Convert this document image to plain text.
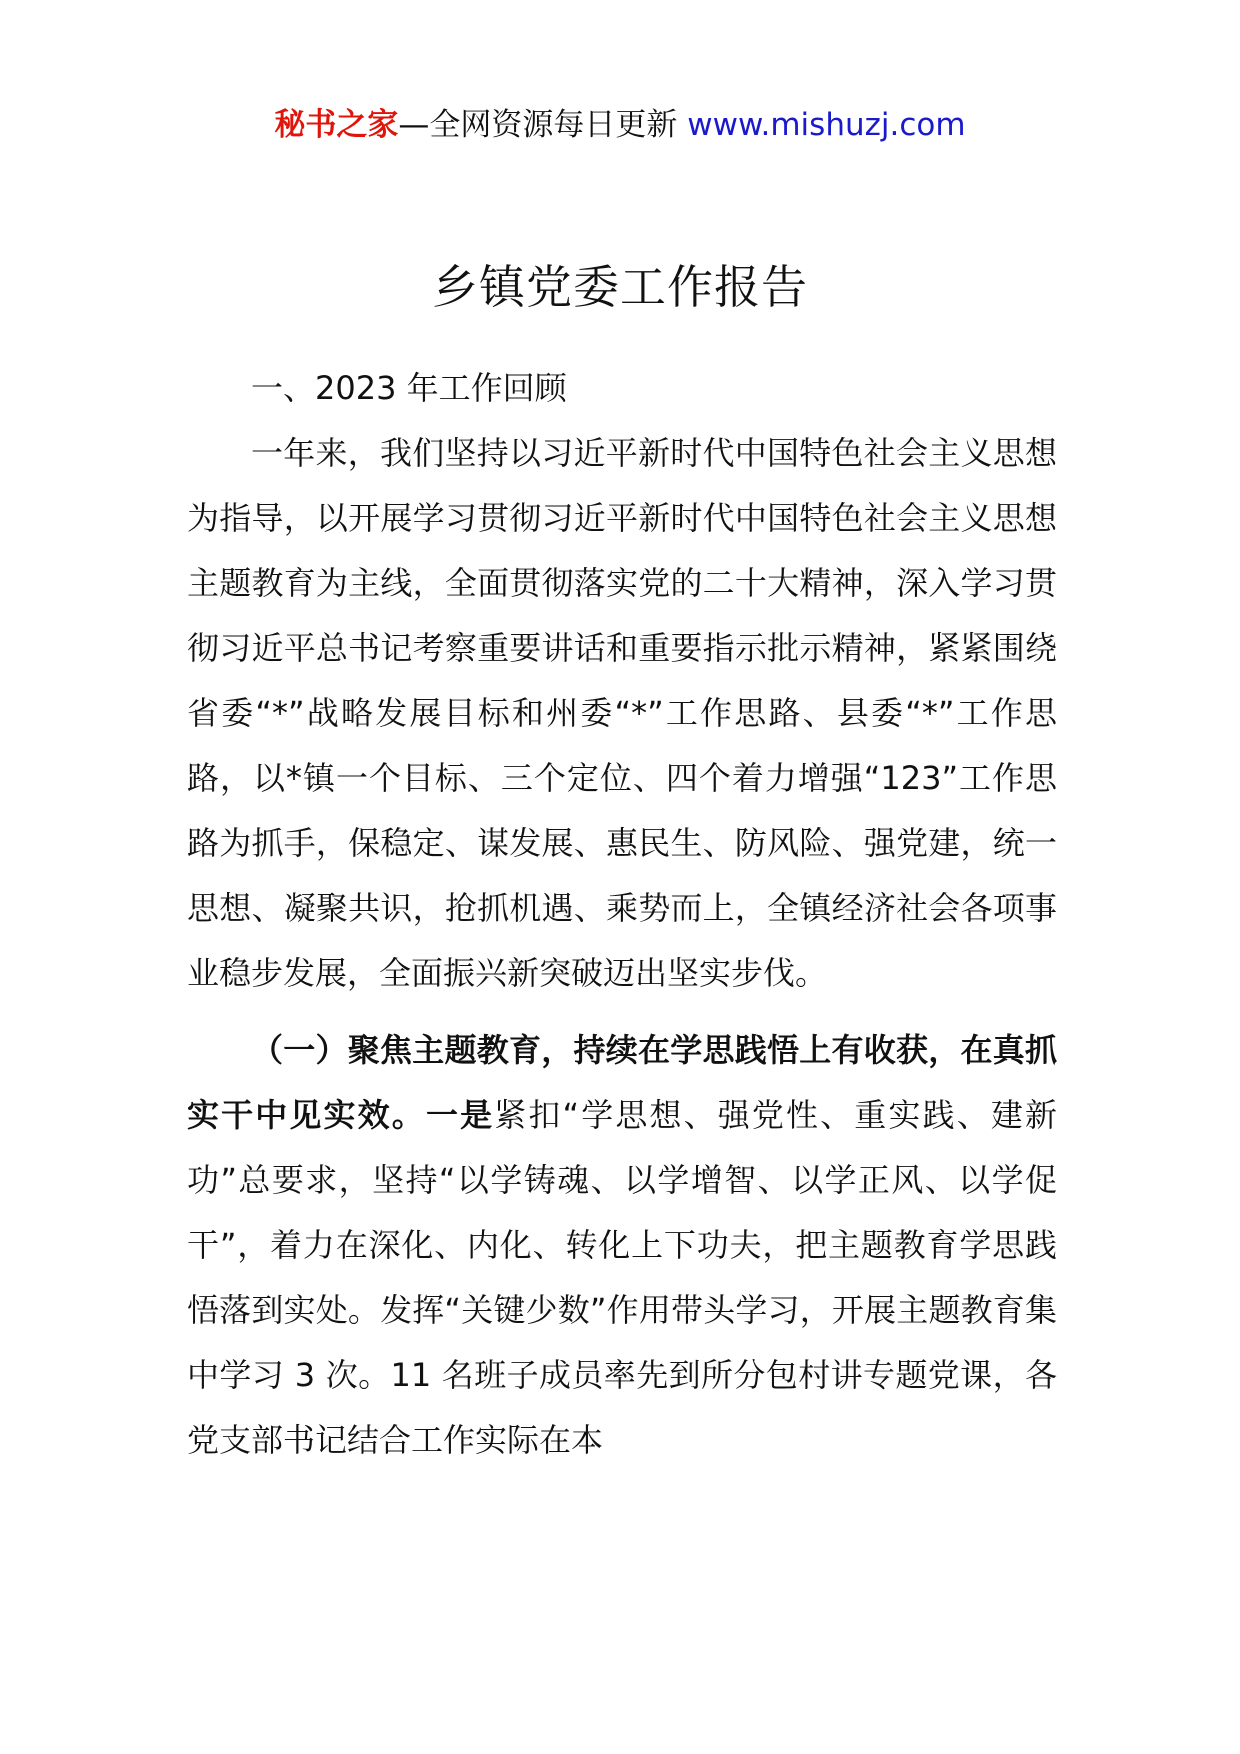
秘书之家—全网资源每日更新 www.mishuzj.com
乡镇党委工作报告
一、2023 年工作回顾

一年来，我们坚持以习近平新时代中国特色社会主义思想为指导，以开展学习贯彻习近平新时代中国特色社会主义思想主题教育为主线，全面贯彻落实党的二十大精神，深入学习贯彻习近平总书记考察重要讲话和重要指示批示精神，紧紧围绕省委“*”战略发展目标和州委“*”工作思路、县委“*”工作思路，以*镇一个目标、三个定位、四个着力增强“123”工作思路为抓手，保稳定、谋发展、惠民生、防风险、强党建，统一思想、凝聚共识，抢抓机遇、乘势而上，全镇经济社会各项事业稳步发展，全面振兴新突破迈出坚实步伐。

（一）聚焦主题教育，持续在学思践悟上有收获，在真抓实干中见实效。一是紧扣“学思想、强党性、重实践、建新功”总要求，坚持“以学铸魂、以学增智、以学正风、以学促干”，着力在深化、内化、转化上下功夫，把主题教育学思践悟落到实处。发挥“关键少数”作用带头学习，开展主题教育集中学习 3 次。11 名班子成员率先到所分包村讲专题党课，各党支部书记结合工作实际在本
